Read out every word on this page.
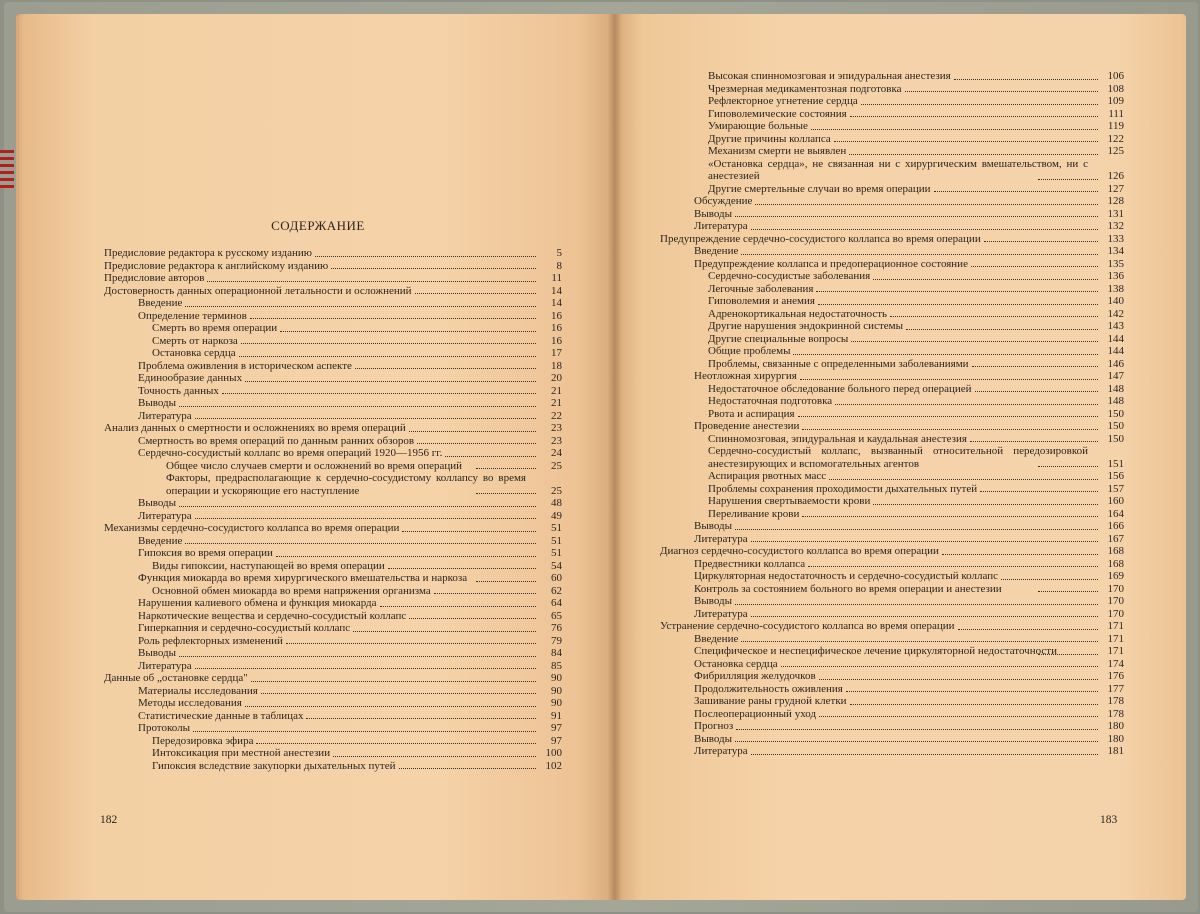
СОДЕРЖАНИЕ
Предисловие редактора к русскому изданию	5
Предисловие редактора к английскому изданию	8
Предисловие авторов	11
Достоверность данных операционной летальности и осложнений	14
Введение	14
Определение терминов	16
Смерть во время операции	16
Смерть от наркоза	16
Остановка сердца	17
Проблема оживления в историческом аспекте	18
Единообразие данных	20
Точность данных	21
Выводы	21
Литература	22
Анализ данных о смертности и осложнениях во время операций	23
Смертность во время операций по данным ранних обзоров	23
Сердечно-сосудистый коллапс во время операций 1920—1956 гг.	24
Общее число случаев смерти и осложнений во время операций	25
Факторы, предрасполагающие к сердечно-сосудистому коллапсу во время операции и ускоряющие его наступление	25
Выводы	48
Литература	49
Механизмы сердечно-сосудистого коллапса во время операции	51
Введение	51
Гипоксия во время операции	51
Виды гипоксии, наступающей во время операции	54
Функция миокарда во время хирургического вмешательства и наркоза	60
Основной обмен миокарда во время напряжения организма	62
Нарушения калиевого обмена и функция миокарда	64
Наркотические вещества и сердечно-сосудистый коллапс	65
Гиперкапния и сердечно-сосудистый коллапс	76
Роль рефлекторных изменений	79
Выводы	84
Литература	85
Данные об „остановке сердца"	90
Материалы исследования	90
Методы исследования	90
Статистические данные в таблицах	91
Протоколы	97
Передозировка эфира	97
Интоксикация при местной анестезии	100
Гипоксия вследствие закупорки дыхательных путей	102
182
Высокая спинномозговая и эпидуральная анестезия	106
Чрезмерная медикаментозная подготовка	108
Рефлекторное угнетение сердца	109
Гиповолемические состояния	111
Умирающие больные	119
Другие причины коллапса	122
Механизм смерти не выявлен	125
«Остановка сердца», не связанная ни с хирургическим вмешательством, ни с анестезией	126
Другие смертельные случаи во время операции	127
Обсуждение	128
Выводы	131
Литература	132
Предупреждение сердечно-сосудистого коллапса во время операции	133
Введение	134
Предупреждение коллапса и предоперационное состояние	135
Сердечно-сосудистые заболевания	136
Легочные заболевания	138
Гиповолемия и анемия	140
Адренокортикальная недостаточность	142
Другие нарушения эндокринной системы	143
Другие специальные вопросы	144
Общие проблемы	144
Проблемы, связанные с определенными заболеваниями	146
Неотложная хирургия	147
Недостаточное обследование больного перед операцией	148
Недостаточная подготовка	148
Рвота и аспирация	150
Проведение анестезии	150
Спинномозговая, эпидуральная и каудальная анестезия	150
Сердечно-сосудистый коллапс, вызванный относительной передозировкой анестезирующих и вспомогательных агентов	151
Аспирация рвотных масс	156
Проблемы сохранения проходимости дыхательных путей	157
Нарушения свертываемости крови	160
Переливание крови	164
Выводы	166
Литература	167
Диагноз сердечно-сосудистого коллапса во время операции	168
Предвестники коллапса	168
Циркуляторная недостаточность и сердечно-сосудистый коллапс	169
Контроль за состоянием больного во время операции и анестезии	170
Выводы	170
Литература	170
Устранение сердечно-сосудистого коллапса во время операции	171
Введение	171
Специфическое и неспецифическое лечение циркуляторной недостаточности	171
Остановка сердца	174
Фибрилляция желудочков	176
Продолжительность оживления	177
Зашивание раны грудной клетки	178
Послеоперационный уход	178
Прогноз	180
Выводы	180
Литература	181
183
